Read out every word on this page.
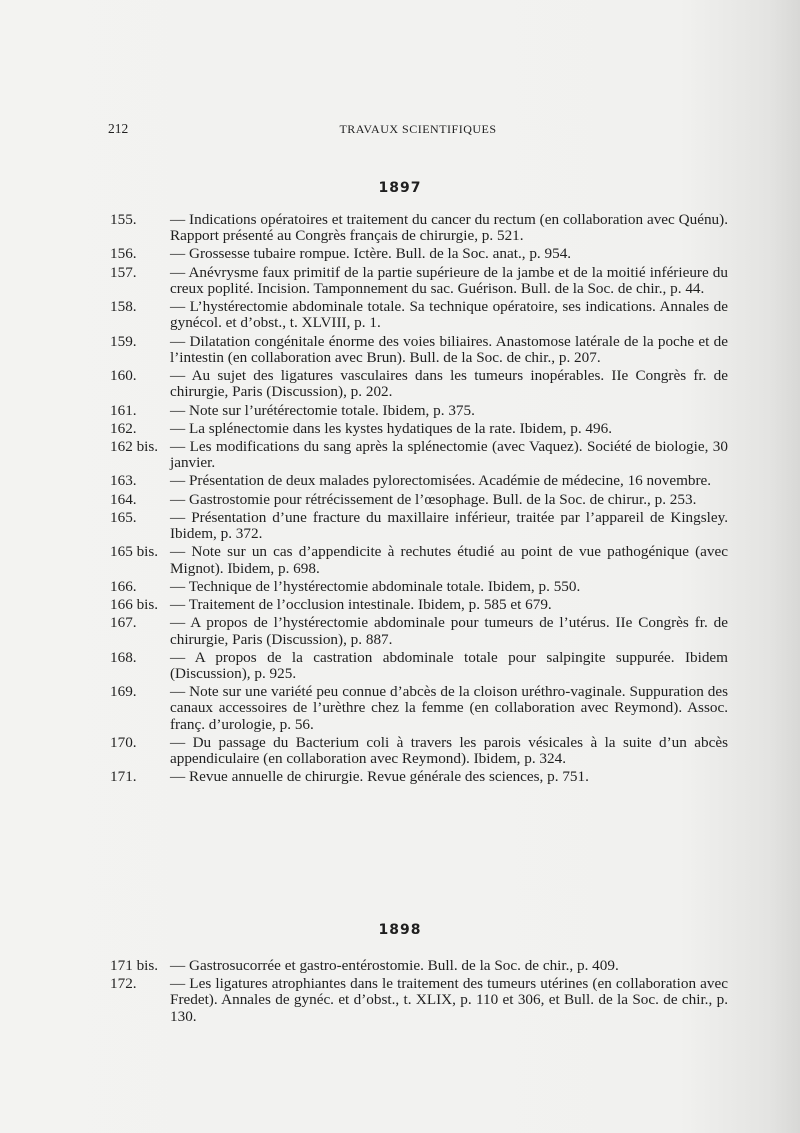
212	TRAVAUX SCIENTIFIQUES
1897
155. — Indications opératoires et traitement du cancer du rectum (en collaboration avec Quénu). Rapport présenté au Congrès français de chirurgie, p. 521.
156. — Grossesse tubaire rompue. Ictère. Bull. de la Soc. anat., p. 954.
157. — Anévrysme faux primitif de la partie supérieure de la jambe et de la moitié inférieure du creux poplité. Incision. Tamponnement du sac. Guérison. Bull. de la Soc. de chir., p. 44.
158. — L’hystérectomie abdominale totale. Sa technique opératoire, ses indications. Annales de gynécol. et d’obst., t. XLVIII, p. 1.
159. — Dilatation congénitale énorme des voies biliaires. Anastomose latérale de la poche et de l’intestin (en collaboration avec Brun). Bull. de la Soc. de chir., p. 207.
160. — Au sujet des ligatures vasculaires dans les tumeurs inopérables. IIe Congrès fr. de chirurgie, Paris (Discussion), p. 202.
161. — Note sur l’urétérectomie totale. Ibidem, p. 375.
162. — La splénectomie dans les kystes hydatiques de la rate. Ibidem, p. 496.
162 bis. — Les modifications du sang après la splénectomie (avec Vaquez). Société de biologie, 30 janvier.
163. — Présentation de deux malades pylorectomisées. Académie de médecine, 16 novembre.
164. — Gastrostomie pour rétrécissement de l’œsophage. Bull. de la Soc. de chirur., p. 253.
165. — Présentation d’une fracture du maxillaire inférieur, traitée par l’appareil de Kingsley. Ibidem, p. 372.
165 bis. — Note sur un cas d’appendicite à rechutes étudié au point de vue pathogénique (avec Mignot). Ibidem, p. 698.
166. — Technique de l’hystérectomie abdominale totale. Ibidem, p. 550.
166 bis. — Traitement de l’occlusion intestinale. Ibidem, p. 585 et 679.
167. — A propos de l’hystérectomie abdominale pour tumeurs de l’utérus. IIe Congrès fr. de chirurgie, Paris (Discussion), p. 887.
168. — A propos de la castration abdominale totale pour salpingite suppurée. Ibidem (Discussion), p. 925.
169. — Note sur une variété peu connue d’abcès de la cloison uréthro-vaginale. Suppuration des canaux accessoires de l’urèthre chez la femme (en collaboration avec Reymond). Assoc. franç. d’urologie, p. 56.
170. — Du passage du Bacterium coli à travers les parois vésicales à la suite d’un abcès appendiculaire (en collaboration avec Reymond). Ibidem, p. 324.
171. — Revue annuelle de chirurgie. Revue générale des sciences, p. 751.
1898
171 bis. — Gastrosucorrée et gastro-entérostomie. Bull. de la Soc. de chir., p. 409.
172. — Les ligatures atrophiantes dans le traitement des tumeurs utérines (en collaboration avec Fredet). Annales de gynéc. et d’obst., t. XLIX, p. 110 et 306, et Bull. de la Soc. de chir., p. 130.
